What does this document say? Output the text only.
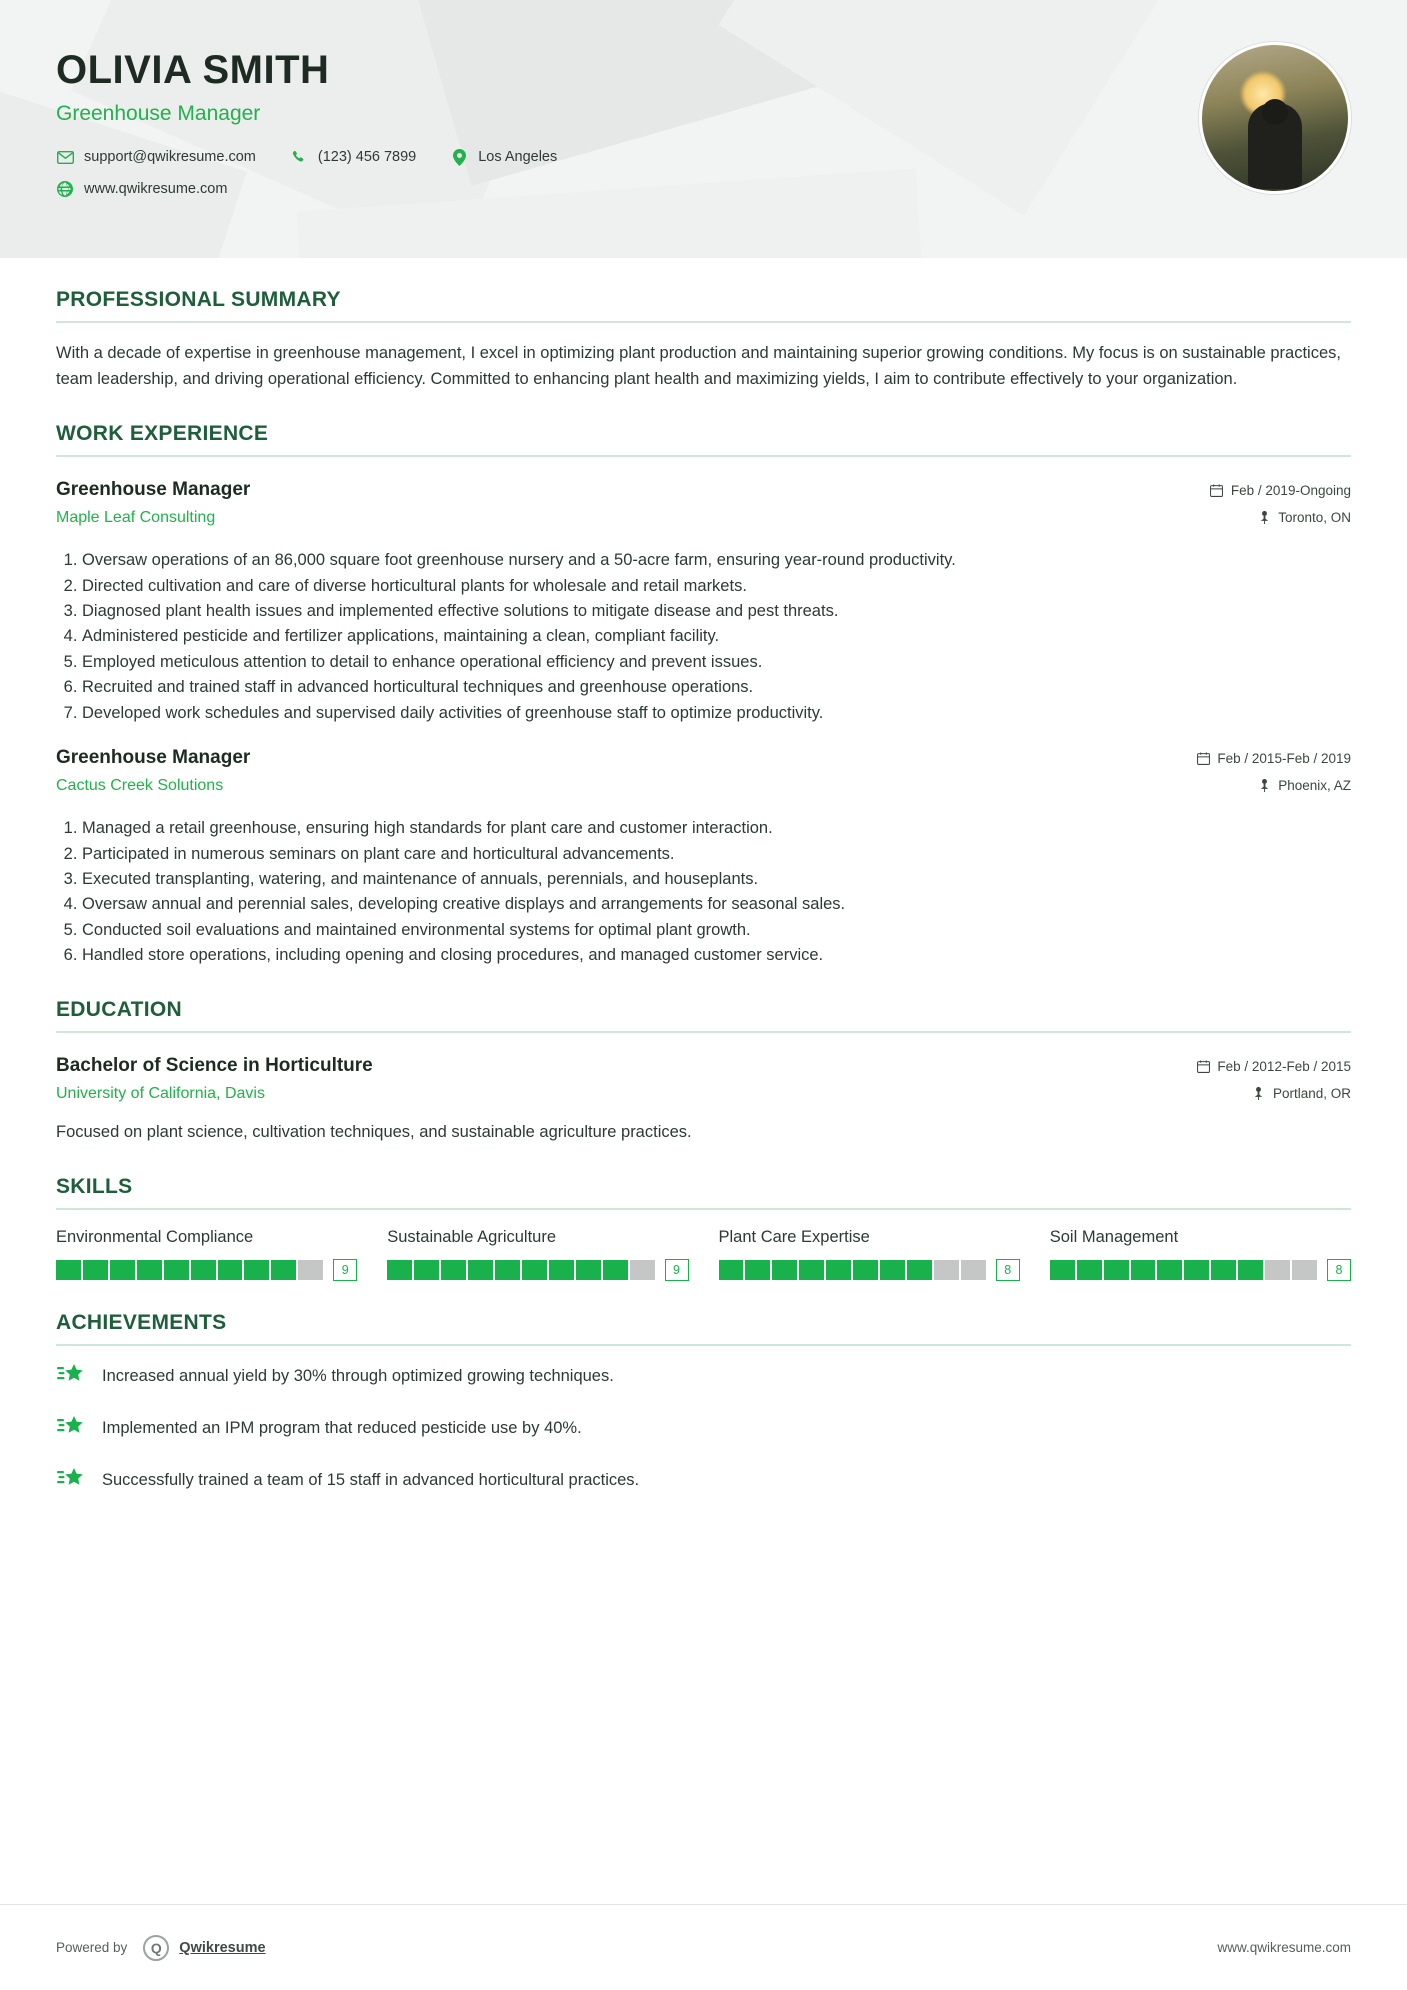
OLIVIA SMITH
Greenhouse Manager
support@qwikresume.com	(123) 456 7899	Los Angeles
www.qwikresume.com
PROFESSIONAL SUMMARY

With a decade of expertise in greenhouse management, I excel in optimizing plant production and maintaining superior growing conditions. My focus is on sustainable practices, team leadership, and driving operational efficiency. Committed to enhancing plant health and maximizing yields, I aim to contribute effectively to your organization.

WORK EXPERIENCE
Greenhouse Manager
Maple Leaf Consulting
Feb / 2019-Ongoing
Toronto, ON
1. Oversaw operations of an 86,000 square foot greenhouse nursery and a 50-acre farm, ensuring year-round productivity.
2. Directed cultivation and care of diverse horticultural plants for wholesale and retail markets.
3. Diagnosed plant health issues and implemented effective solutions to mitigate disease and pest threats.
4. Administered pesticide and fertilizer applications, maintaining a clean, compliant facility.
5. Employed meticulous attention to detail to enhance operational efficiency and prevent issues.
6. Recruited and trained staff in advanced horticultural techniques and greenhouse operations.
7. Developed work schedules and supervised daily activities of greenhouse staff to optimize productivity.
Greenhouse Manager
Cactus Creek Solutions
Feb / 2015-Feb / 2019
Phoenix, AZ
1. Managed a retail greenhouse, ensuring high standards for plant care and customer interaction.
2. Participated in numerous seminars on plant care and horticultural advancements.
3. Executed transplanting, watering, and maintenance of annuals, perennials, and houseplants.
4. Oversaw annual and perennial sales, developing creative displays and arrangements for seasonal sales.
5. Conducted soil evaluations and maintained environmental systems for optimal plant growth.
6. Handled store operations, including opening and closing procedures, and managed customer service.
EDUCATION
Bachelor of Science in Horticulture
University of California, Davis
Feb / 2012-Feb / 2015
Portland, OR
Focused on plant science, cultivation techniques, and sustainable agriculture practices.
SKILLS
Environmental Compliance
9
Sustainable Agriculture
9
Plant Care Expertise
8
Soil Management
8
ACHIEVEMENTS
Increased annual yield by 30% through optimized growing techniques.
Implemented an IPM program that reduced pesticide use by 40%.
Successfully trained a team of 15 staff in advanced horticultural practices.
Powered by	Q	Qwikresume	www.qwikresume.com
